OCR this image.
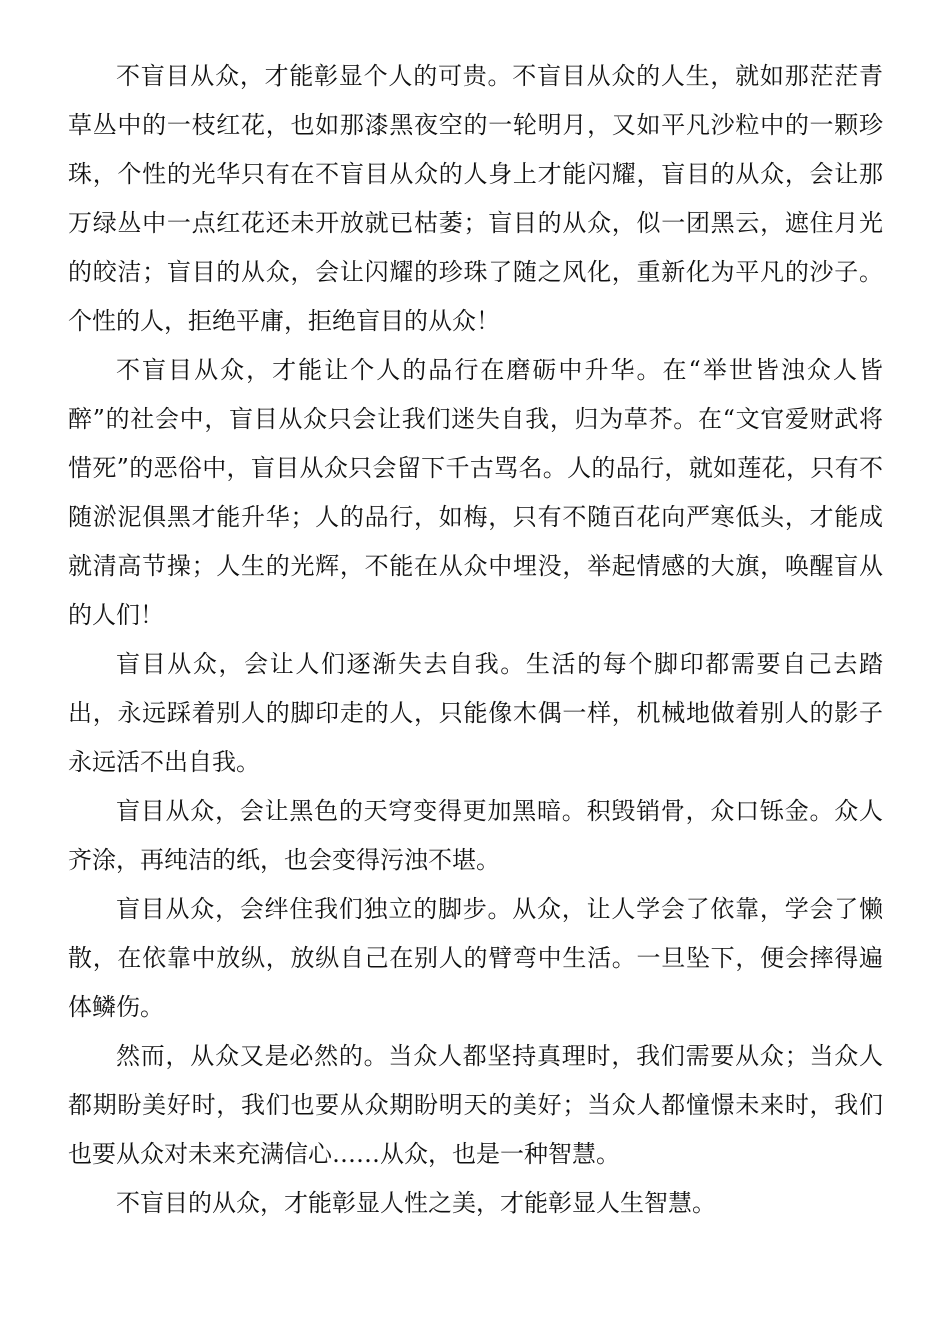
不盲目从众，才能彰显个人的可贵。不盲目从众的人生，就如那茫茫青草丛中的一枝红花，也如那漆黑夜空的一轮明月，又如平凡沙粒中的一颗珍珠，个性的光华只有在不盲目从众的人身上才能闪耀，盲目的从众，会让那万绿丛中一点红花还未开放就已枯萎；盲目的从众，似一团黑云，遮住月光的皎洁；盲目的从众，会让闪耀的珍珠了随之风化，重新化为平凡的沙子。个性的人，拒绝平庸，拒绝盲目的从众！

不盲目从众，才能让个人的品行在磨砺中升华。在“举世皆浊众人皆醉”的社会中，盲目从众只会让我们迷失自我，归为草芥。在“文官爱财武将惜死”的恶俗中，盲目从众只会留下千古骂名。人的品行，就如莲花，只有不随淤泥俱黑才能升华；人的品行，如梅，只有不随百花向严寒低头，才能成就清高节操；人生的光辉，不能在从众中埋没，举起情感的大旗，唤醒盲从的人们！

盲目从众，会让人们逐渐失去自我。生活的每个脚印都需要自己去踏出，永远踩着别人的脚印走的人，只能像木偶一样，机械地做着别人的影子永远活不出自我。

盲目从众，会让黑色的天穹变得更加黑暗。积毁销骨，众口铄金。众人齐涂，再纯洁的纸，也会变得污浊不堪。

盲目从众，会绊住我们独立的脚步。从众，让人学会了依靠，学会了懒散，在依靠中放纵，放纵自己在别人的臂弯中生活。一旦坠下，便会摔得遍体鳞伤。

然而，从众又是必然的。当众人都坚持真理时，我们需要从众；当众人都期盼美好时，我们也要从众期盼明天的美好；当众人都憧憬未来时，我们也要从众对未来充满信心……从众，也是一种智慧。

不盲目的从众，才能彰显人性之美，才能彰显人生智慧。
